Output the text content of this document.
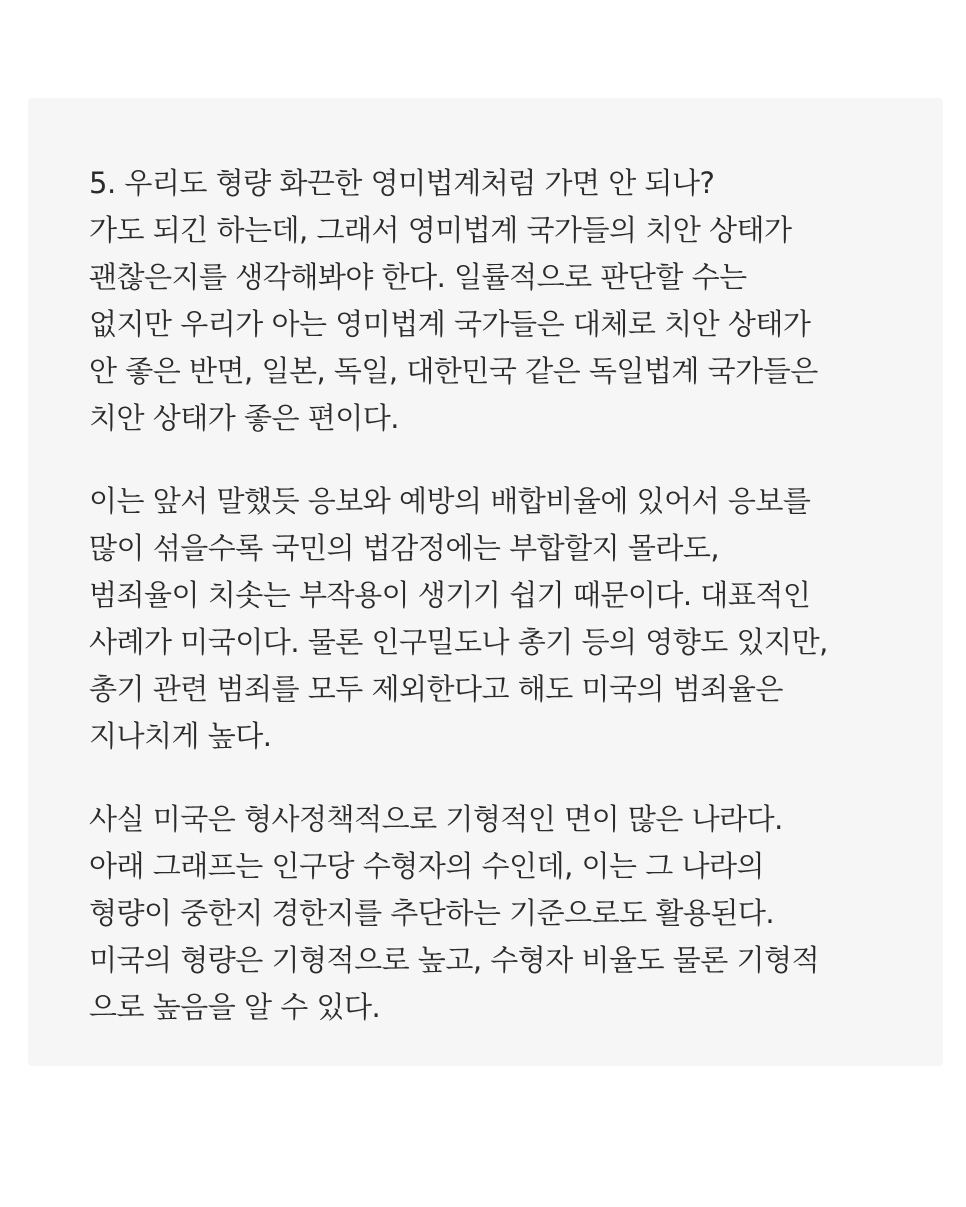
5. 우리도 형량 화끈한 영미법계처럼 가면 안 되나?
가도 되긴 하는데, 그래서 영미법계 국가들의 치안 상태가
괜찮은지를 생각해봐야 한다. 일률적으로 판단할 수는
없지만 우리가 아는 영미법계 국가들은 대체로 치안 상태가
안 좋은 반면, 일본, 독일, 대한민국 같은 독일법계 국가들은
치안 상태가 좋은 편이다.
이는 앞서 말했듯 응보와 예방의 배합비율에 있어서 응보를
많이 섞을수록 국민의 법감정에는 부합할지 몰라도,
범죄율이 치솟는 부작용이 생기기 쉽기 때문이다. 대표적인
사례가 미국이다. 물론 인구밀도나 총기 등의 영향도 있지만,
총기 관련 범죄를 모두 제외한다고 해도 미국의 범죄율은
지나치게 높다.
사실 미국은 형사정책적으로 기형적인 면이 많은 나라다.
아래 그래프는 인구당 수형자의 수인데, 이는 그 나라의
형량이 중한지 경한지를 추단하는 기준으로도 활용된다.
미국의 형량은 기형적으로 높고, 수형자 비율도 물론 기형적
으로 높음을 알 수 있다.
